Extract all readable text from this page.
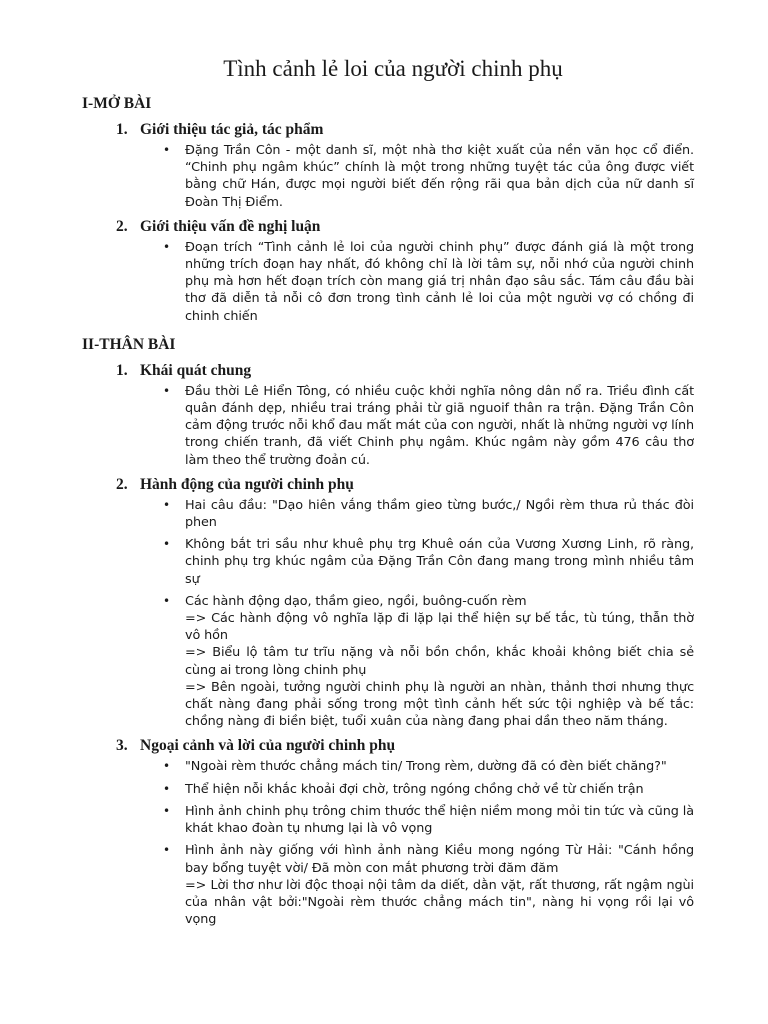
Tình cảnh lẻ loi của người chinh phụ
I-MỞ BÀI
1. Giới thiệu tác giả, tác phẩm
• Đặng Trần Côn - một danh sĩ, một nhà thơ kiệt xuất của nền văn học cổ điển. “Chinh phụ ngâm khúc” chính là một trong những tuyệt tác của ông được viết bằng chữ Hán, được mọi người biết đến rộng rãi qua bản dịch của nữ danh sĩ Đoàn Thị Điểm.
2. Giới thiệu vấn đề nghị luận
• Đoạn trích “Tình cảnh lẻ loi của người chinh phụ” được đánh giá là một trong những trích đoạn hay nhất, đó không chỉ là lời tâm sự, nỗi nhớ của người chinh phụ mà hơn hết đoạn trích còn mang giá trị nhân đạo sâu sắc. Tám câu đầu bài thơ đã diễn tả nỗi cô đơn trong tình cảnh lẻ loi của một người vợ có chồng đi chinh chiến
II-THÂN BÀI
1. Khái quát chung
• Đầu thời Lê Hiển Tông, có nhiều cuộc khởi nghĩa nông dân nổ ra. Triều đình cất quân đánh dẹp, nhiều trai tráng phải từ giã nguoif thân ra trận. Đặng Trần Côn cảm động trước nỗi khổ đau mất mát của con người, nhất là những người vợ lính trong chiến tranh, đã viết Chinh phụ ngâm. Khúc ngâm này gồm 476 câu thơ làm theo thể trường đoản cú.
2. Hành động của người chinh phụ
• Hai câu đầu: "Dạo hiên vắng thầm gieo từng bước,/ Ngồi rèm thưa rủ thác đòi phen
• Không bắt tri sầu như khuê phụ trg Khuê oán của Vương Xương Linh, rõ ràng, chinh phụ trg khúc ngâm của Đặng Trần Côn đang mang trong mình nhiều tâm sự
• Các hành động dạo, thầm gieo, ngồi, buông-cuốn rèm
=> Các hành động vô nghĩa lặp đi lặp lại thể hiện sự bế tắc, tù túng, thẫn thờ vô hồn
=> Biểu lộ tâm tư trĩu nặng và nỗi bồn chồn, khắc khoải không biết chia sẻ cùng ai trong lòng chinh phụ
=> Bên ngoài, tưởng người chinh phụ là người an nhàn, thảnh thơi nhưng thực chất nàng đang phải sống trong một tình cảnh hết sức tội nghiệp và bế tắc: chồng nàng đi biền biệt, tuổi xuân của nàng đang phai dần theo năm tháng.
3. Ngoại cảnh và lời của người chinh phụ
• "Ngoài rèm thước chẳng mách tin/ Trong rèm, dường đã có đèn biết chăng?"
• Thể hiện nỗi khắc khoải đợi chờ, trông ngóng chồng chở về từ chiến trận
• Hình ảnh chinh phụ trông chim thước thể hiện niềm mong mỏi tin tức và cũng là khát khao đoàn tụ nhưng lại là vô vọng
• Hình ảnh này giống với hình ảnh nàng Kiều mong ngóng Từ Hải: "Cánh hồng bay bổng tuyệt vời/ Đã mòn con mắt phương trời đăm đăm
=> Lời thơ như lời độc thoại nội tâm da diết, dằn vặt, rất thương, rất ngậm ngùi của nhân vật bởi:"Ngoài rèm thước chẳng mách tin", nàng hi vọng rồi lại vô vọng
